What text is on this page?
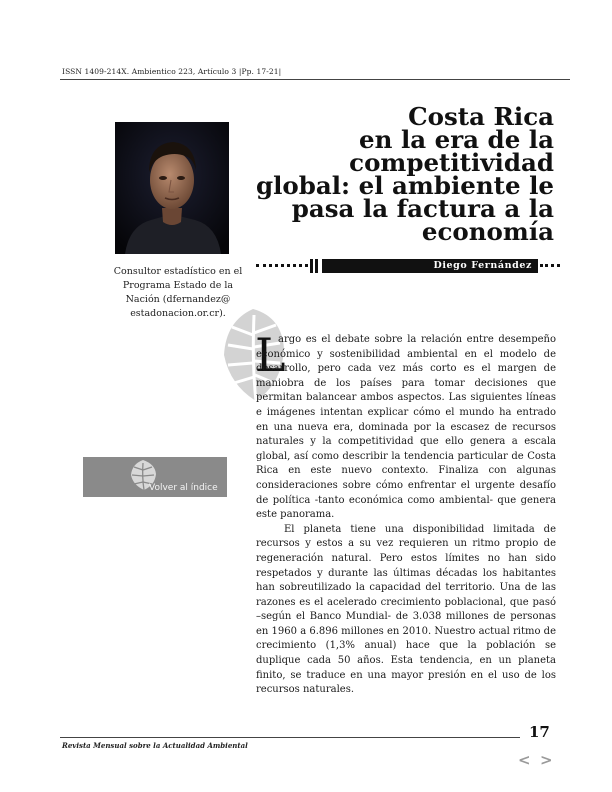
ISSN 1409-214X. Ambientico 223, Artículo 3 |Pp. 17-21|
Costa Rica
en la era de la
competitividad
global: el ambiente le
pasa la factura a la
economía
Consultor estadístico en el Programa Estado de la Nación (dfernandez@ estadonacion.or.cr).
Diego Fernández
L

argo es el debate sobre la relación entre desempeño económico y sostenibilidad ambiental en el modelo de desarrollo, pero cada vez más corto es el margen de maniobra de los países para tomar decisiones que permitan balancear ambos aspectos. Las siguientes líneas e imágenes intentan explicar cómo el mundo ha entrado en una nueva era, dominada por la escasez de recursos naturales y la competitividad que ello genera a escala global, así como describir la tendencia particular de Costa Rica en este nuevo contexto. Finaliza con algunas consideraciones sobre cómo enfrentar el urgente desafío de política -tanto económica como ambiental- que genera este panorama.

El planeta tiene una disponibilidad limitada de recursos y estos a su vez requieren un ritmo propio de regeneración natural. Pero estos límites no han sido respetados y durante las últimas décadas los habitantes han sobreutilizado la capacidad del territorio. Una de las razones es el acelerado crecimiento poblacional, que pasó –según el Banco Mundial- de 3.038 millones de personas en 1960 a 6.896 millones en 2010. Nuestro actual ritmo de crecimiento (1,3% anual) hace que la población se duplique cada 50 años. Esta tendencia, en un planeta finito, se traduce en una mayor presión en el uso de los recursos naturales.

Volver al índice
17
Revista Mensual sobre la Actualidad Ambiental
< >
